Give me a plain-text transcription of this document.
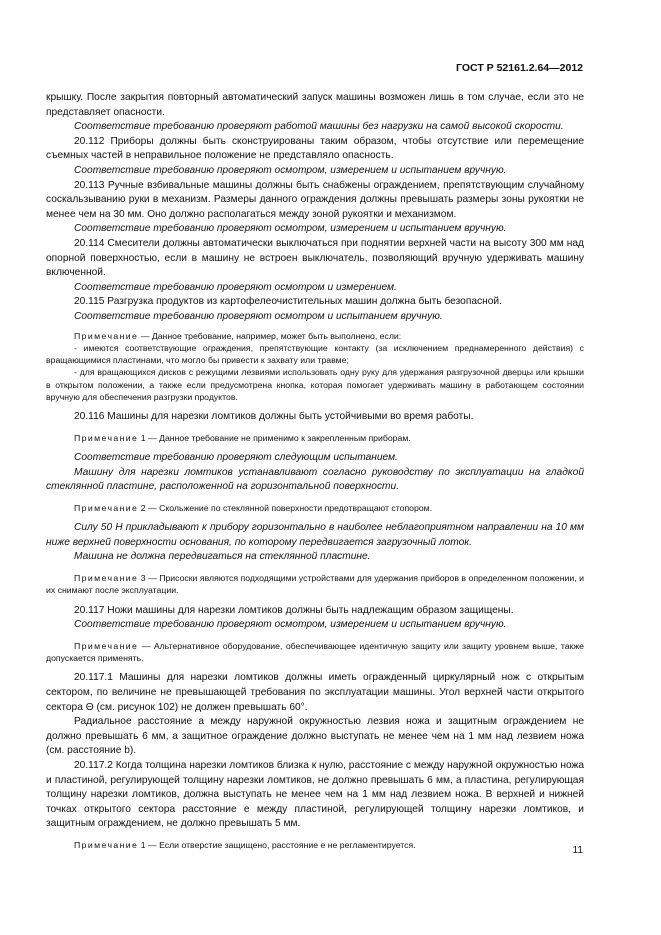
ГОСТ Р 52161.2.64—2012

крышку. После закрытия повторный автоматический запуск машины возможен лишь в том случае, если это не представляет опасности.

Соответствие требованию проверяют работой машины без нагрузки на самой высокой скорости.

20.112 Приборы должны быть сконструированы таким образом, чтобы отсутствие или перемещение съемных частей в неправильное положение не представляло опасность.

Соответствие требованию проверяют осмотром, измерением и испытанием вручную.

20.113 Ручные взбивальные машины должны быть снабжены ограждением, препятствующим случайному соскальзыванию руки в механизм. Размеры данного ограждения должны превышать размеры зоны рукоятки не менее чем на 30 мм. Оно должно располагаться между зоной рукоятки и механизмом.

Соответствие требованию проверяют осмотром, измерением и испытанием вручную.

20.114 Смесители должны автоматически выключаться при поднятии верхней части на высоту 300 мм над опорной поверхностью, если в машину не встроен выключатель, позволяющий вручную удерживать машину включенной.

Соответствие требованию проверяют осмотром и измерением.

20.115 Разгрузка продуктов из картофелеочистительных машин должна быть безопасной.

Соответствие требованию проверяют осмотром и испытанием вручную.

Примечание — Данное требование, например, может быть выполнено, если:

- имеются соответствующие ограждения, препятствующие контакту (за исключением преднамеренного действия) с вращающимися пластинами, что могло бы привести к захвату или травме;

- для вращающихся дисков с режущими лезвиями использовать одну руку для удержания разгрузочной дверцы или крышки в открытом положении, а также если предусмотрена кнопка, которая помогает удерживать машину в работающем состоянии вручную для обеспечения разгрузки продуктов.

20.116 Машины для нарезки ломтиков должны быть устойчивыми во время работы.

Примечание 1 — Данное требование не применимо к закрепленным приборам.

Соответствие требованию проверяют следующим испытанием.

Машину для нарезки ломтиков устанавливают согласно руководству по эксплуатации на гладкой стеклянной пластине, расположенной на горизонтальной поверхности.

Примечание 2 — Скольжение по стеклянной поверхности предотвращают стопором.

Силу 50 Н прикладывают к прибору горизонтально в наиболее неблагоприятном направлении на 10 мм ниже верхней поверхности основания, по которому передвигается загрузочный лоток.

Машина не должна передвигаться на стеклянной пластине.

Примечание 3 — Присоски являются подходящими устройствами для удержания приборов в определенном положении, и их снимают после эксплуатации.

20.117 Ножи машины для нарезки ломтиков должны быть надлежащим образом защищены.

Соответствие требованию проверяют осмотром, измерением и испытанием вручную.

Примечание — Альтернативное оборудование, обеспечивающее идентичную защиту или защиту уровнем выше, также допускается применять.

20.117.1 Машины для нарезки ломтиков должны иметь огражденный циркулярный нож с открытым сектором, по величине не превышающей требования по эксплуатации машины. Угол верхней части открытого сектора Θ (см. рисунок 102) не должен превышать 60°.

Радиальное расстояние a между наружной окружностью лезвия ножа и защитным ограждением не должно превышать 6 мм, а защитное ограждение должно выступать не менее чем на 1 мм над лезвием ножа (см. расстояние b).

20.117.2 Когда толщина нарезки ломтиков близка к нулю, расстояние c между наружной окружностью ножа и пластиной, регулирующей толщину нарезки ломтиков, не должно превышать 6 мм, а пластина, регулирующая толщину нарезки ломтиков, должна выступать не менее чем на 1 мм над лезвием ножа. В верхней и нижней точках открытого сектора расстояние e между пластиной, регулирующей толщину нарезки ломтиков, и защитным ограждением, не должно превышать 5 мм.

Примечание 1 — Если отверстие защищено, расстояние e не регламентируется.

11
